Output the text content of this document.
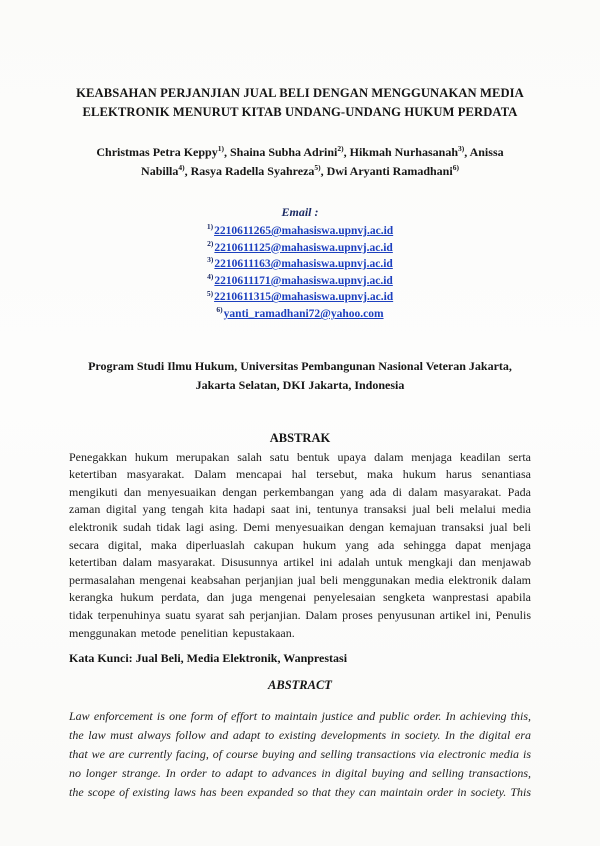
KEABSAHAN PERJANJIAN JUAL BELI DENGAN MENGGUNAKAN MEDIA
ELEKTRONIK MENURUT KITAB UNDANG-UNDANG HUKUM PERDATA

Christmas Petra Keppy$^{1)}$, Shaina Subha Adrini$^{2)}$, Hikmah Nurhasanah$^{3)}$, Anissa Nabilla$^{4)}$, Rasya Radella Syahreza$^{5)}$, Dwi Aryanti Ramadhani$^{6)}$

Email :

$^{1)}$2210611265@mahasiswa.upnvj.ac.id
$^{2)}$2210611125@mahasiswa.upnvj.ac.id
$^{3)}$2210611163@mahasiswa.upnvj.ac.id
$^{4)}$2210611171@mahasiswa.upnvj.ac.id
$^{5)}$2210611315@mahasiswa.upnvj.ac.id
$^{6)}$yanti_ramadhani72@yahoo.com

Program Studi Ilmu Hukum, Universitas Pembangunan Nasional Veteran Jakarta,
Jakarta Selatan, DKI Jakarta, Indonesia

ABSTRAK

Penegakkan hukum merupakan salah satu bentuk upaya dalam menjaga keadilan serta ketertiban masyarakat. Dalam mencapai hal tersebut, maka hukum harus senantiasa mengikuti dan menyesuaikan dengan perkembangan yang ada di dalam masyarakat. Pada zaman digital yang tengah kita hadapi saat ini, tentunya transaksi jual beli melalui media elektronik sudah tidak lagi asing. Demi menyesuaikan dengan kemajuan transaksi jual beli secara digital, maka diperluaslah cakupan hukum yang ada sehingga dapat menjaga ketertiban dalam masyarakat. Disusunnya artikel ini adalah untuk mengkaji dan menjawab permasalahan mengenai keabsahan perjanjian jual beli menggunakan media elektronik dalam kerangka hukum perdata, dan juga mengenai penyelesaian sengketa wanprestasi apabila tidak terpenuhinya suatu syarat sah perjanjian. Dalam proses penyusunan artikel ini, Penulis menggunakan metode penelitian kepustakaan.

Kata Kunci: Jual Beli, Media Elektronik, Wanprestasi

ABSTRACT

Law enforcement is one form of effort to maintain justice and public order. In achieving this, the law must always follow and adapt to existing developments in society. In the digital era that we are currently facing, of course buying and selling transactions via electronic media is no longer strange. In order to adapt to advances in digital buying and selling transactions, the scope of existing laws has been expanded so that they can maintain order in society. This
